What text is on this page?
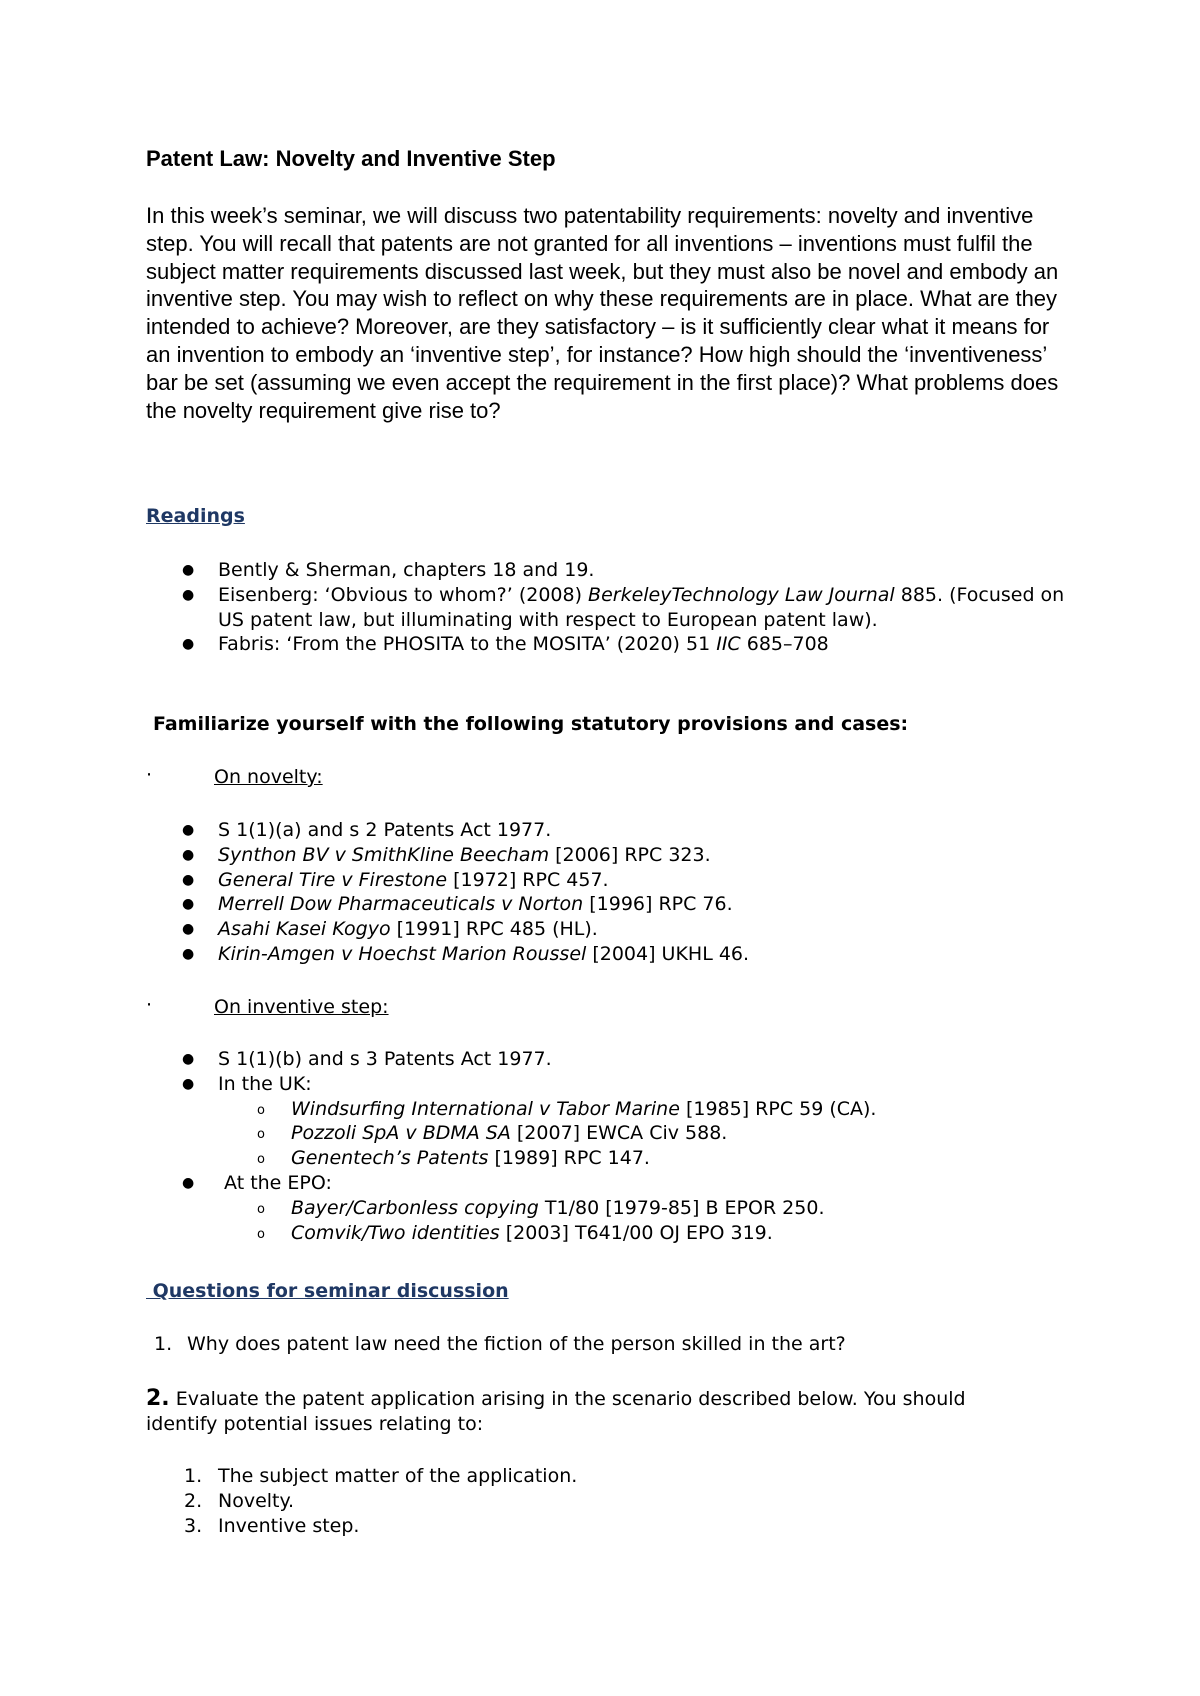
Patent Law: Novelty and Inventive Step

In this week’s seminar, we will discuss two patentability requirements: novelty and inventive step. You will recall that patents are not granted for all inventions – inventions must fulfil the subject matter requirements discussed last week, but they must also be novel and embody an inventive step. You may wish to reflect on why these requirements are in place. What are they intended to achieve? Moreover, are they satisfactory – is it sufficiently clear what it means for an invention to embody an ‘inventive step’, for instance? How high should the ‘inventiveness’ bar be set (assuming we even accept the requirement in the first place)? What problems does the novelty requirement give rise to?

Readings

● Bently & Sherman, chapters 18 and 19.
● Eisenberg: ‘Obvious to whom?’ (2008) BerkeleyTechnology Law Journal 885. (Focused on US patent law, but illuminating with respect to European patent law).
● Fabris: ‘From the PHOSITA to the MOSITA’ (2020) 51 IIC 685–708

Familiarize yourself with the following statutory provisions and cases:

·	On novelty:
● S 1(1)(a) and s 2 Patents Act 1977.
● Synthon BV v SmithKline Beecham [2006] RPC 323.
● General Tire v Firestone [1972] RPC 457.
● Merrell Dow Pharmaceuticals v Norton [1996] RPC 76.
● Asahi Kasei Kogyo [1991] RPC 485 (HL).
● Kirin-Amgen v Hoechst Marion Roussel [2004] UKHL 46.
·	On inventive step:
● S 1(1)(b) and s 3 Patents Act 1977.
● In the UK:
o Windsurfing International v Tabor Marine [1985] RPC 59 (CA).
o Pozzoli SpA v BDMA SA [2007] EWCA Civ 588.
o Genentech’s Patents [1989] RPC 147.
● At the EPO:
o Bayer/Carbonless copying T1/80 [1979-85] B EPOR 250.
o Comvik/Two identities [2003] T641/00 OJ EPO 319.

Questions for seminar discussion

1. Why does patent law need the fiction of the person skilled in the art?

2. Evaluate the patent application arising in the scenario described below. You should identify potential issues relating to:

1. The subject matter of the application.
2. Novelty.
3. Inventive step.
